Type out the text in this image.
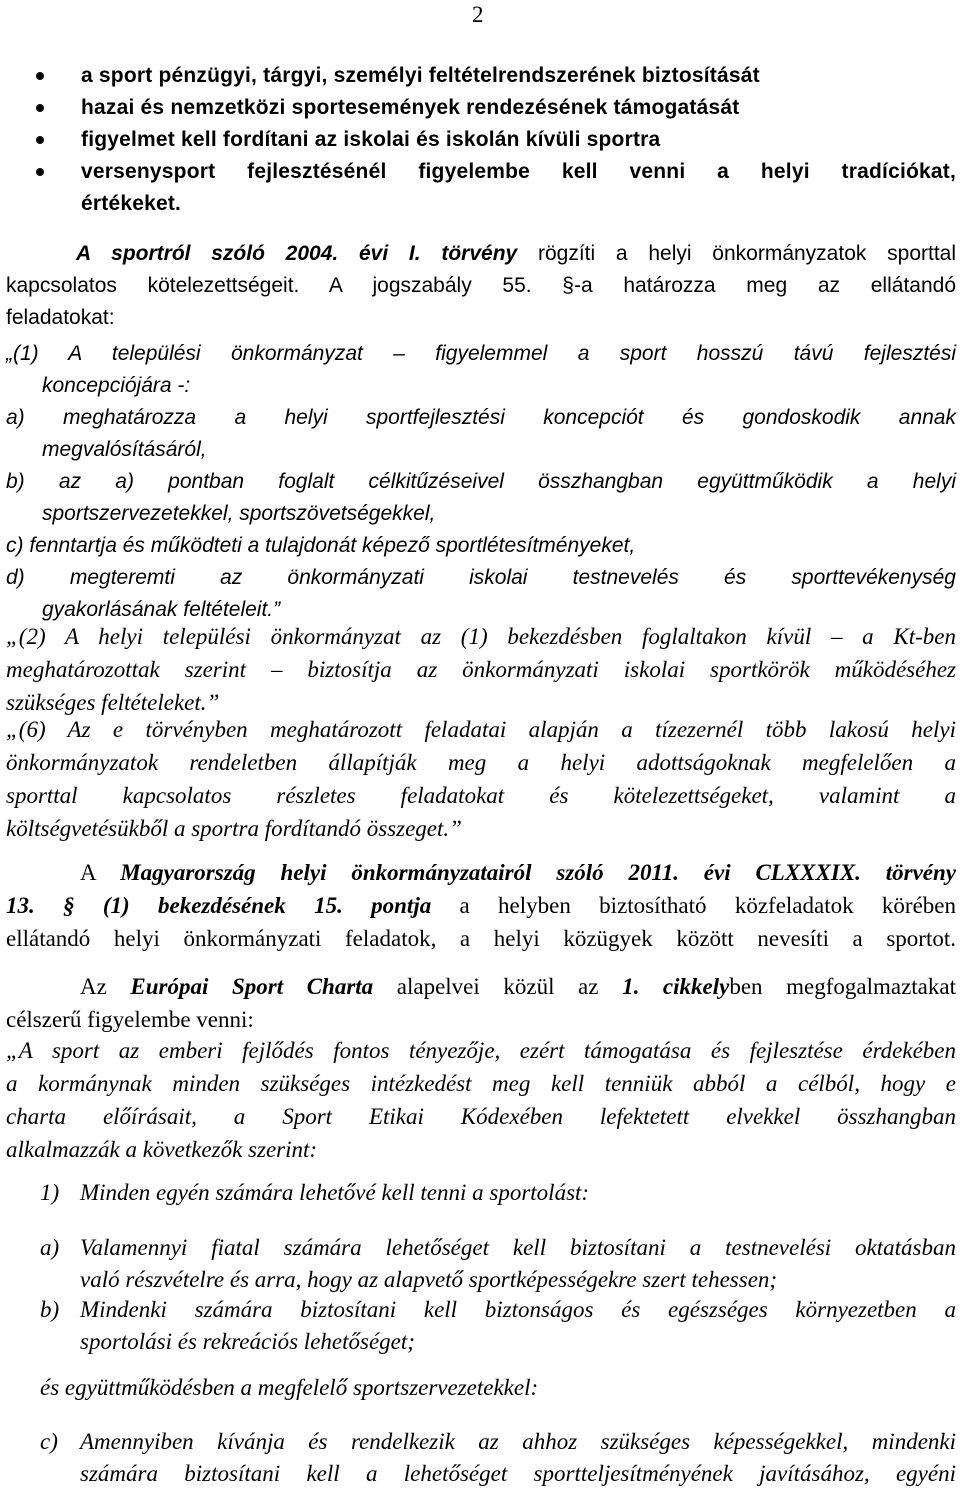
2
a sport pénzügyi, tárgyi, személyi feltételrendszerének biztosítását
hazai és nemzetközi sportesemények rendezésének támogatását
figyelmet kell fordítani az iskolai és iskolán kívüli sportra
versenysport fejlesztésénél figyelembe kell venni a helyi tradíciókat,
értékeket.
A sportról szóló 2004. évi I. törvény rögzíti a helyi önkormányzatok sporttal
kapcsolatos kötelezettségeit. A jogszabály 55. §-a határozza meg az ellátandó
feladatokat:
„(1) A települési önkormányzat – figyelemmel a sport hosszú távú fejlesztési
koncepciójára -:
a) meghatározza a helyi sportfejlesztési koncepciót és gondoskodik annak
megvalósításáról,
b) az a) pontban foglalt célkitűzéseivel összhangban együttműködik a helyi
sportszervezetekkel, sportszövetségekkel,
c) fenntartja és működteti a tulajdonát képező sportlétesítményeket,
d) megteremti az önkormányzati iskolai testnevelés és sporttevékenység
gyakorlásának feltételeit.”
„(2) A helyi települési önkormányzat az (1) bekezdésben foglaltakon kívül – a Kt-ben
meghatározottak szerint – biztosítja az önkormányzati iskolai sportkörök működéséhez
szükséges feltételeket.”
„(6) Az e törvényben meghatározott feladatai alapján a tízezernél több lakosú helyi
önkormányzatok rendeletben állapítják meg a helyi adottságoknak megfelelően a
sporttal kapcsolatos részletes feladatokat és kötelezettségeket, valamint a
költségvetésükből a sportra fordítandó összeget.”
A Magyarország helyi önkormányzatairól szóló 2011. évi CLXXXIX. törvény
13. § (1) bekezdésének 15. pontja a helyben biztosítható közfeladatok körében
ellátandó helyi önkormányzati feladatok, a helyi közügyek között nevesíti a sportot.
Az Európai Sport Charta alapelvei közül az 1. cikkelyben megfogalmaztakat
célszerű figyelembe venni:
„A sport az emberi fejlődés fontos tényezője, ezért támogatása és fejlesztése érdekében
a kormánynak minden szükséges intézkedést meg kell tenniük abból a célból, hogy e
charta előírásait, a Sport Etikai Kódexében lefektetett elvekkel összhangban
alkalmazzák a következők szerint:
1) Minden egyén számára lehetővé kell tenni a sportolást:
a) Valamennyi fiatal számára lehetőséget kell biztosítani a testnevelési oktatásban
való részvételre és arra, hogy az alapvető sportképességekre szert tehessen;
b) Mindenki számára biztosítani kell biztonságos és egészséges környezetben a
sportolási és rekreációs lehetőséget;
és együttműködésben a megfelelő sportszervezetekkel:
c) Amennyiben kívánja és rendelkezik az ahhoz szükséges képességekkel, mindenki
számára biztosítani kell a lehetőséget sportteljesítményének javításához, egyéni
